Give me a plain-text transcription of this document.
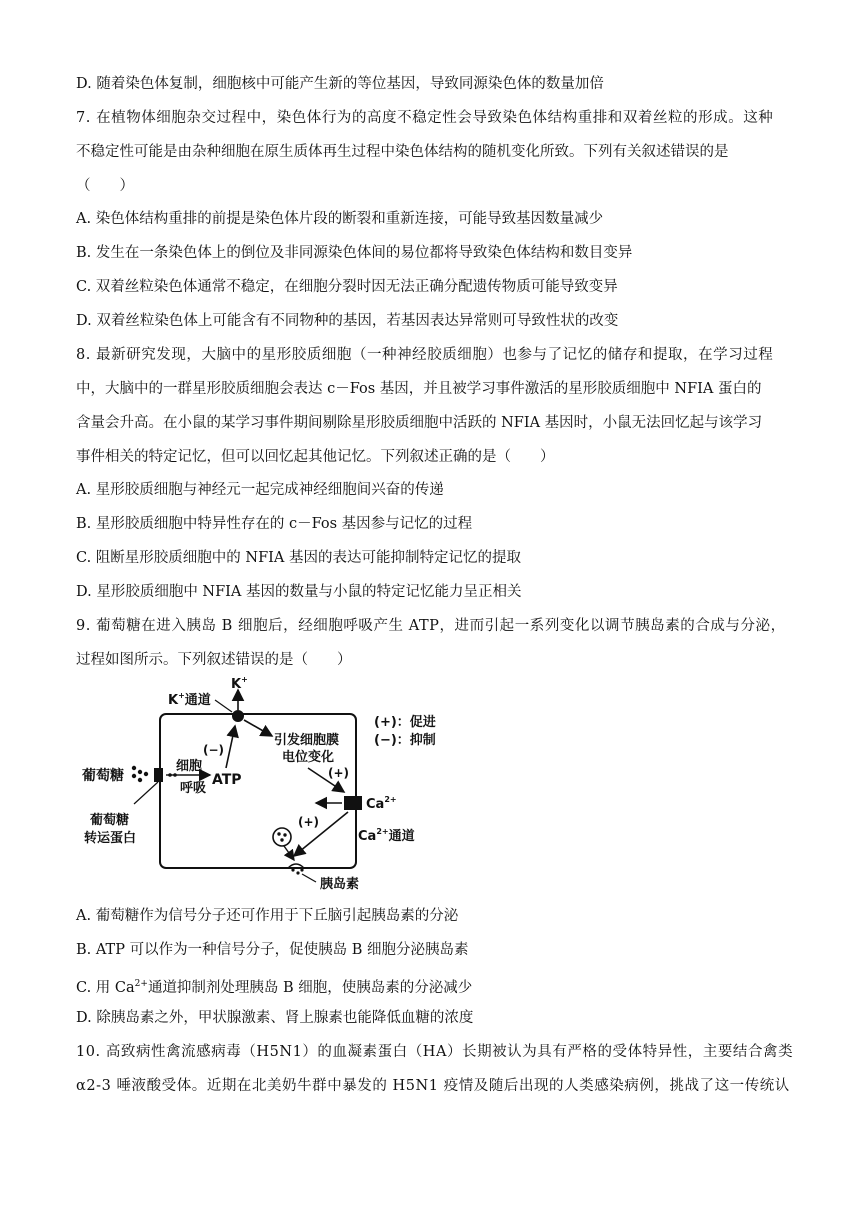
D. 随着染色体复制，细胞核中可能产生新的等位基因，导致同源染色体的数量加倍
7. 在植物体细胞杂交过程中，染色体行为的高度不稳定性会导致染色体结构重排和双着丝粒的形成。这种
不稳定性可能是由杂种细胞在原生质体再生过程中染色体结构的随机变化所致。下列有关叙述错误的是
（　　）
A. 染色体结构重排的前提是染色体片段的断裂和重新连接，可能导致基因数量减少
B. 发生在一条染色体上的倒位及非同源染色体间的易位都将导致染色体结构和数目变异
C. 双着丝粒染色体通常不稳定，在细胞分裂时因无法正确分配遗传物质可能导致变异
D. 双着丝粒染色体上可能含有不同物种的基因，若基因表达异常则可导致性状的改变
8. 最新研究发现，大脑中的星形胶质细胞（一种神经胶质细胞）也参与了记忆的储存和提取，在学习过程
中，大脑中的一群星形胶质细胞会表达 c－Fos 基因，并且被学习事件激活的星形胶质细胞中 NFIA 蛋白的
含量会升高。在小鼠的某学习事件期间剔除星形胶质细胞中活跃的 NFIA 基因时，小鼠无法回忆起与该学习
事件相关的特定记忆，但可以回忆起其他记忆。下列叙述正确的是（　　）
A. 星形胶质细胞与神经元一起完成神经细胞间兴奋的传递
B. 星形胶质细胞中特异性存在的 c－Fos 基因参与记忆的过程
C. 阻断星形胶质细胞中的 NFIA 基因的表达可能抑制特定记忆的提取
D. 星形胶质细胞中 NFIA 基因的数量与小鼠的特定记忆能力呈正相关
9. 葡萄糖在进入胰岛 B 细胞后，经细胞呼吸产生 ATP，进而引起一系列变化以调节胰岛素的合成与分泌，
过程如图所示。下列叙述错误的是（　　）
K+
K+通道
(−)
引发细胞膜
电位变化
(+)
(+)：促进
(−)：抑制
葡萄糖
细胞
呼吸
ATP
葡萄糖
转运蛋白
$Ca^{2+}$
$Ca^{2+}$通道
(+)
胰岛素
A. 葡萄糖作为信号分子还可作用于下丘脑引起胰岛素的分泌
B. ATP 可以作为一种信号分子，促使胰岛 B 细胞分泌胰岛素
C. 用 $Ca^{2+}$通道抑制剂处理胰岛 B 细胞，使胰岛素的分泌减少
D. 除胰岛素之外，甲状腺激素、肾上腺素也能降低血糖的浓度
10. 高致病性禽流感病毒（H5N1）的血凝素蛋白（HA）长期被认为具有严格的受体特异性，主要结合禽类
α2-3 唾液酸受体。近期在北美奶牛群中暴发的 H5N1 疫情及随后出现的人类感染病例，挑战了这一传统认
